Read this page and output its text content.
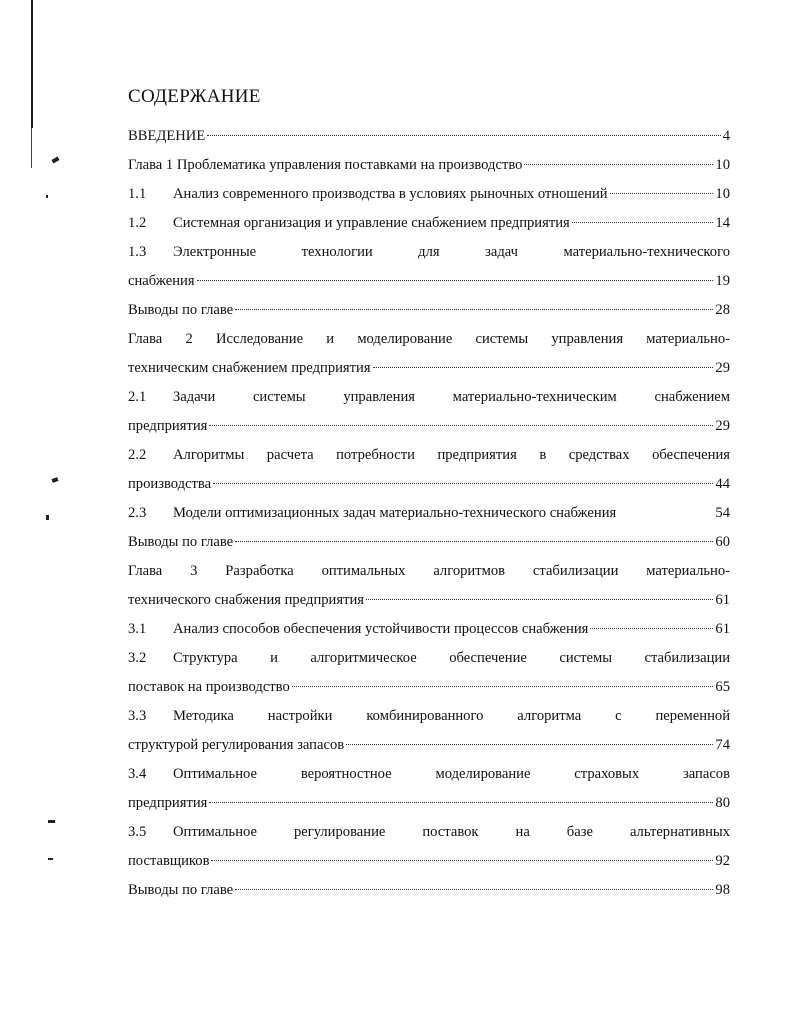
СОДЕРЖАНИЕ
ВВЕДЕНИЕ	4
Глава 1 Проблематика управления поставками на производство	10
1.1 Анализ современного производства в условиях рыночных отношений	10
1.2 Системная организация и управление снабжением предприятия	14
1.3	Электронные технологии для задач материально-технического
снабжения	19
Выводы по главе	28
Глава 2 Исследование и моделирование системы управления материально-
техническим снабжением предприятия	29
2.1	Задачи системы управления материально-техническим снабжением
предприятия	29
2.2	Алгоритмы расчета потребности предприятия в средствах обеспечения
производства	44
2.3 Модели оптимизационных задач материально-технического снабжения	54
Выводы по главе	60
Глава 3 Разработка оптимальных алгоритмов стабилизации материально-
технического снабжения предприятия	61
3.1 Анализ способов обеспечения устойчивости процессов снабжения	61
3.2	Структура и алгоритмическое обеспечение системы стабилизации
поставок на производство	65
3.3	Методика настройки комбинированного алгоритма с переменной
структурой регулирования запасов	74
3.4	Оптимальное вероятностное моделирование страховых запасов
предприятия	80
3.5	Оптимальное регулирование поставок на базе альтернативных
поставщиков	92
Выводы по главе	98
